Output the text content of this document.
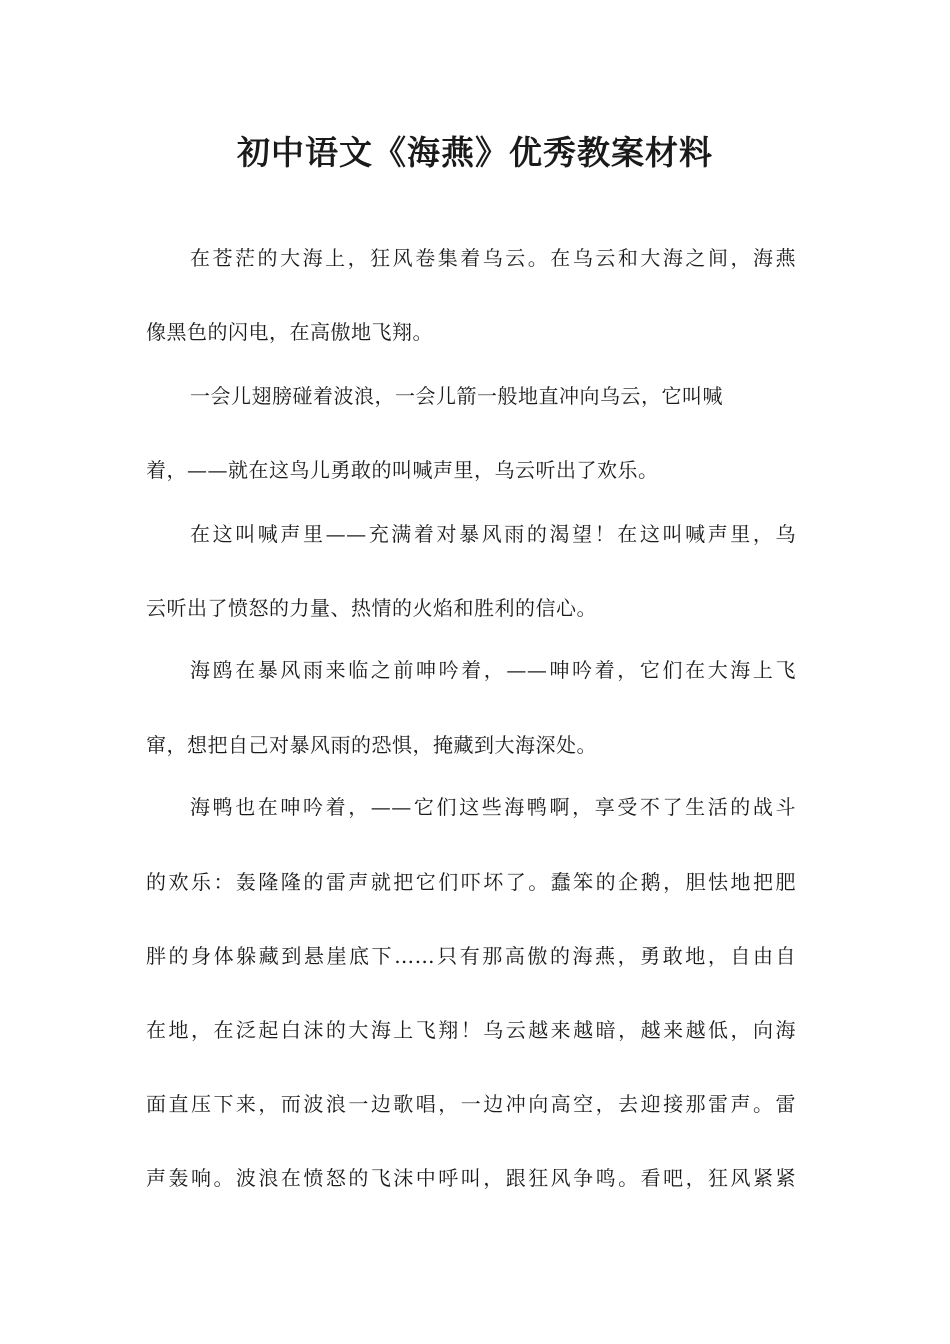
初中语文《海燕》优秀教案材料
在苍茫的大海上，狂风卷集着乌云。在乌云和大海之间，海燕
像黑色的闪电，在高傲地飞翔。
一会儿翅膀碰着波浪，一会儿箭一般地直冲向乌云，它叫喊
着，——就在这鸟儿勇敢的叫喊声里，乌云听出了欢乐。
在这叫喊声里——充满着对暴风雨的渴望！在这叫喊声里，乌
云听出了愤怒的力量、热情的火焰和胜利的信心。
海鸥在暴风雨来临之前呻吟着，——呻吟着，它们在大海上飞
窜，想把自己对暴风雨的恐惧，掩藏到大海深处。
海鸭也在呻吟着，——它们这些海鸭啊，享受不了生活的战斗
的欢乐：轰隆隆的雷声就把它们吓坏了。蠢笨的企鹅，胆怯地把肥
胖的身体躲藏到悬崖底下……只有那高傲的海燕，勇敢地，自由自
在地，在泛起白沫的大海上飞翔！乌云越来越暗，越来越低，向海
面直压下来，而波浪一边歌唱，一边冲向高空，去迎接那雷声。雷
声轰响。波浪在愤怒的飞沫中呼叫，跟狂风争鸣。看吧，狂风紧紧
